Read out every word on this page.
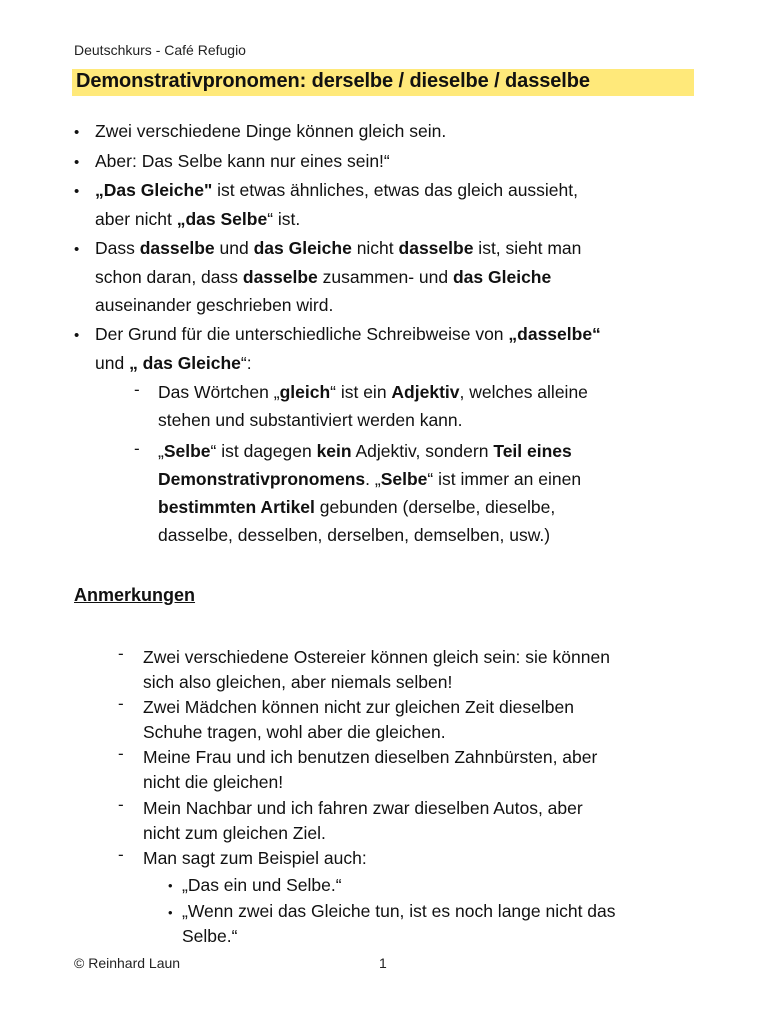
Deutschkurs - Café Refugio
Demonstrativpronomen: derselbe / dieselbe / dasselbe
• Zwei verschiedene Dinge können gleich sein.
• Aber: Das Selbe kann nur eines sein!“
• „Das Gleiche" ist etwas ähnliches, etwas das gleich aussieht,
aber nicht „das Selbe“ ist.
• Dass dasselbe und das Gleiche nicht dasselbe ist, sieht man
schon daran, dass dasselbe zusammen- und das Gleiche
auseinander geschrieben wird.
• Der Grund für die unterschiedliche Schreibweise von „dasselbe“
und „ das Gleiche“:
- Das Wörtchen „gleich“ ist ein Adjektiv, welches alleine
stehen und substantiviert werden kann.
- „Selbe“ ist dagegen kein Adjektiv, sondern Teil eines
Demonstrativpronomens. „Selbe“ ist immer an einen
bestimmten Artikel gebunden (derselbe, dieselbe,
dasselbe, desselben, derselben, demselben, usw.)
Anmerkungen
- Zwei verschiedene Ostereier können gleich sein: sie können
sich also gleichen, aber niemals selben!
- Zwei Mädchen können nicht zur gleichen Zeit dieselben
Schuhe tragen, wohl aber die gleichen.
- Meine Frau und ich benutzen dieselben Zahnbürsten, aber
nicht die gleichen!
- Mein Nachbar und ich fahren zwar dieselben Autos, aber
nicht zum gleichen Ziel.
- Man sagt zum Beispiel auch:
• „Das ein und Selbe.“
• „Wenn zwei das Gleiche tun, ist es noch lange nicht das
Selbe.“
© Reinhard Laun	1
